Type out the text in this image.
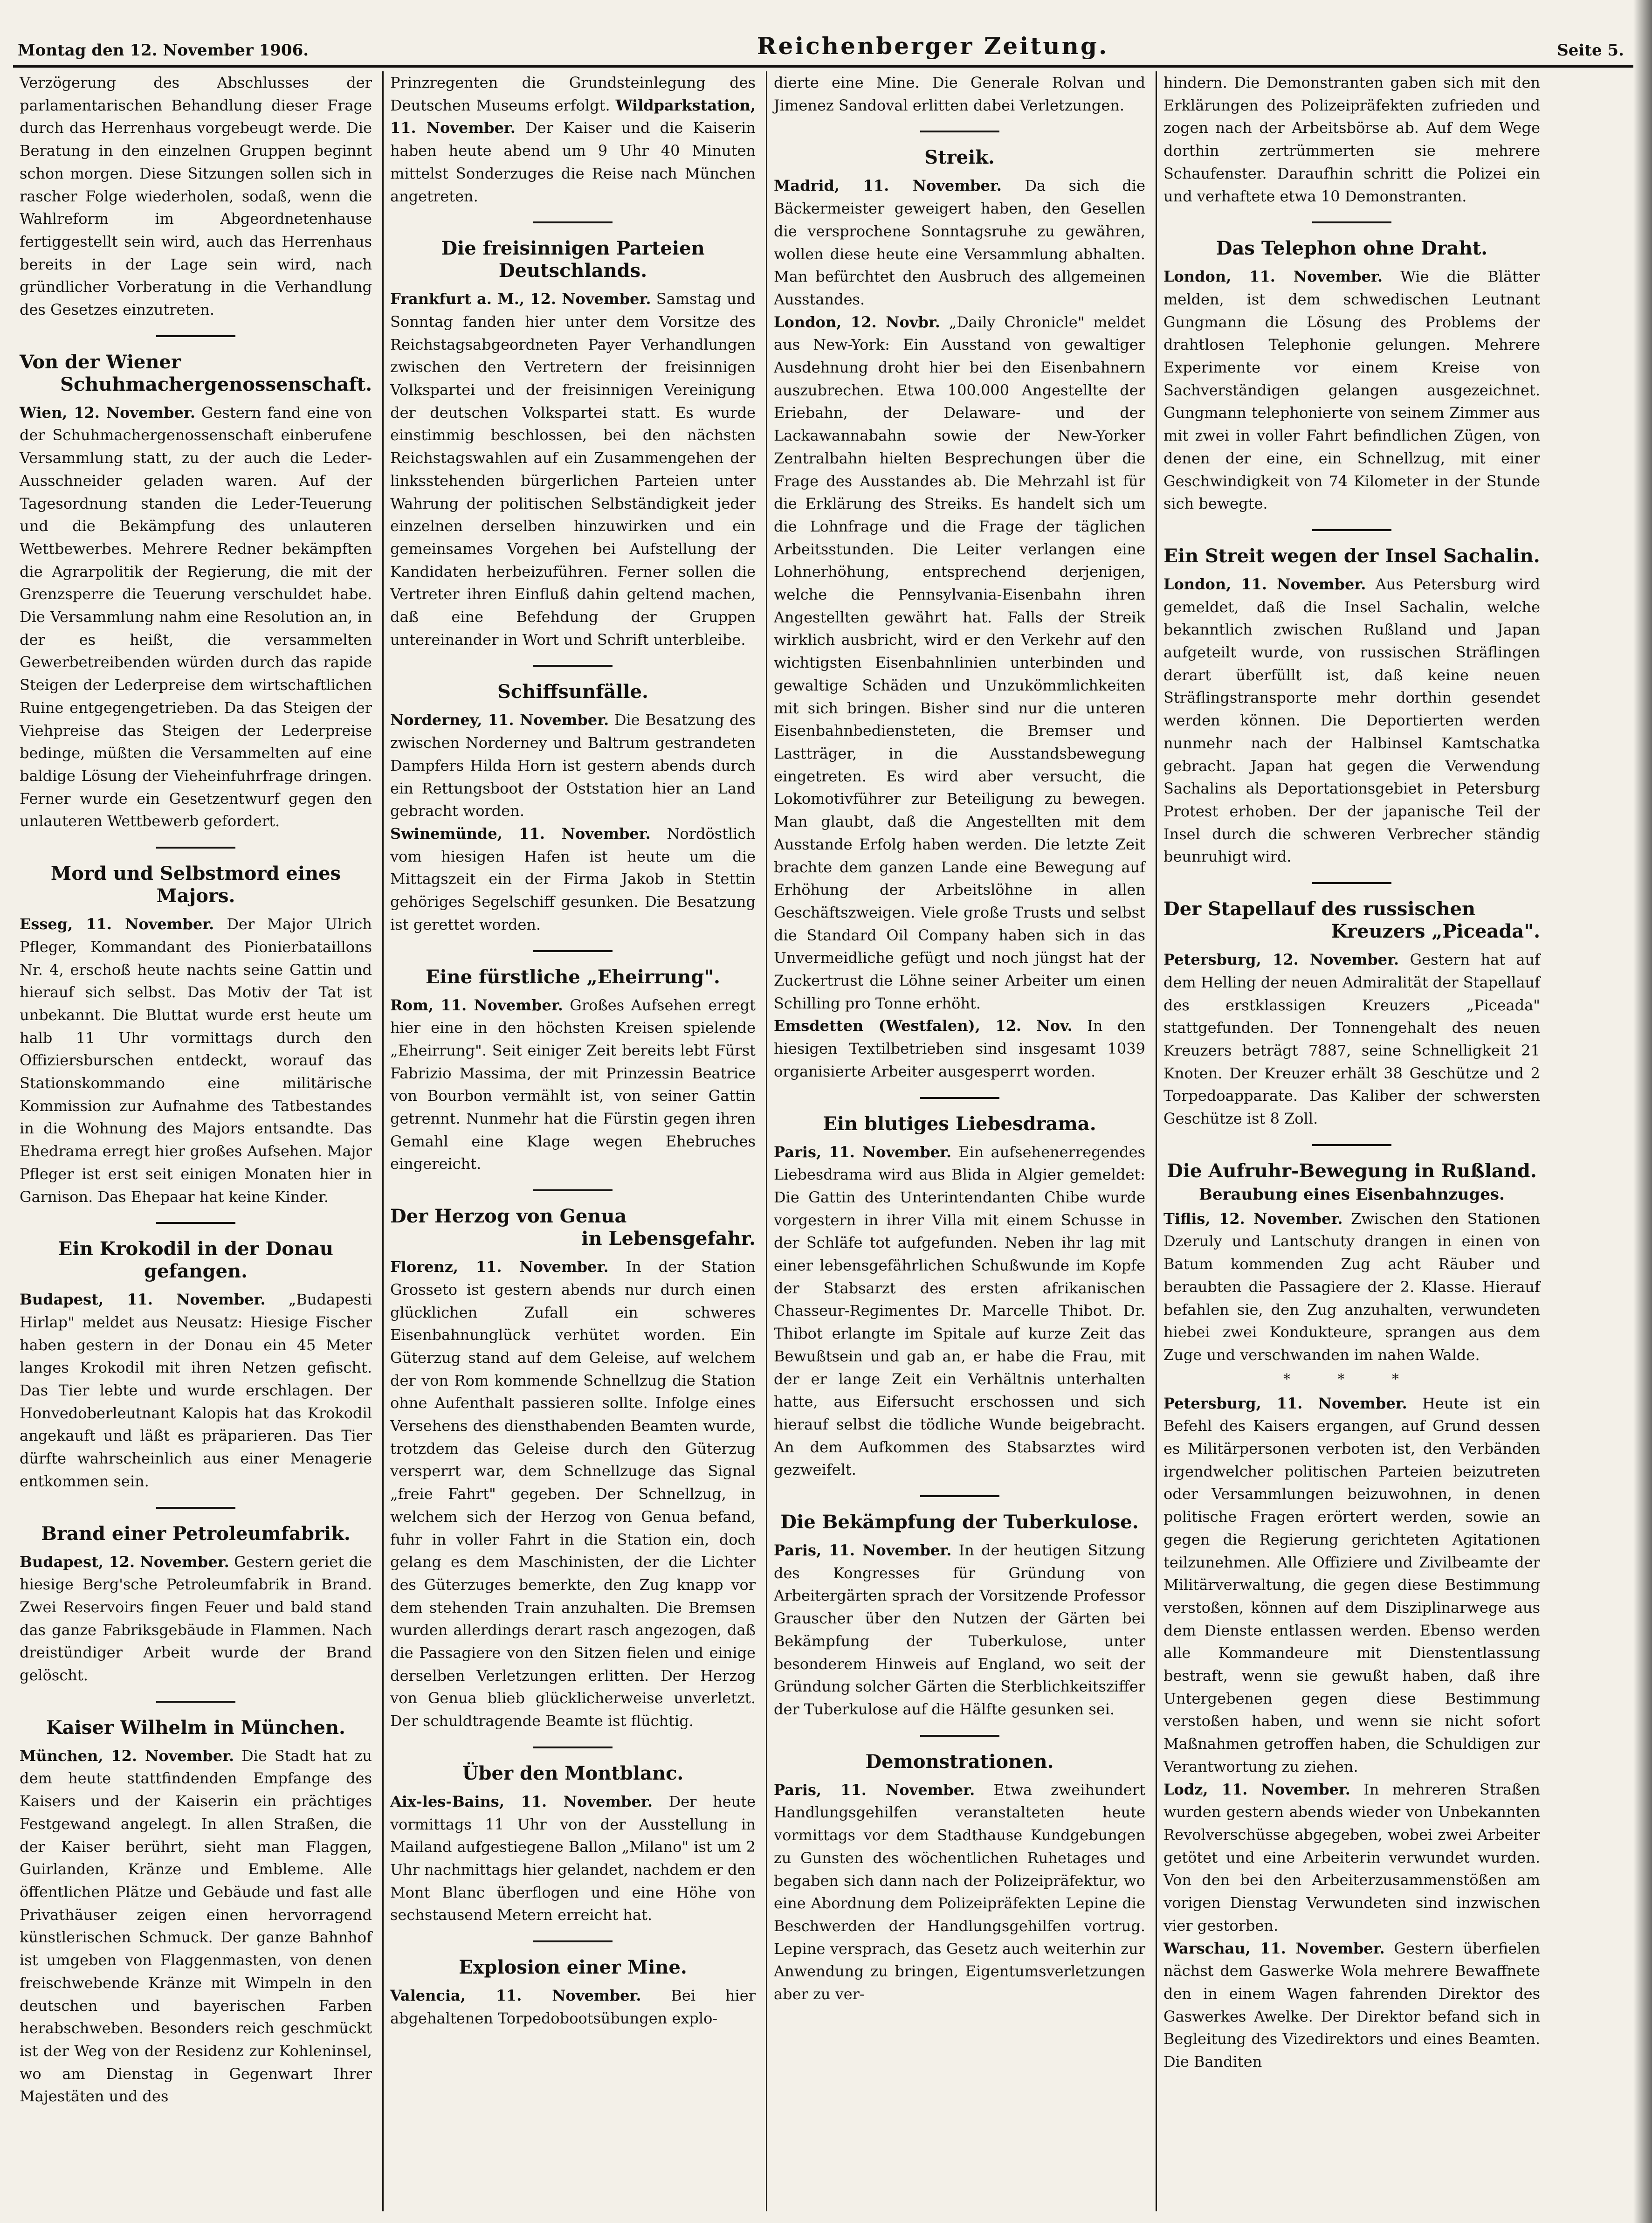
Montag den 12. November 1906.	Reichenberger Zeitung.	Seite 5.

Verzögerung des Abschlusses der parlamentarischen Behandlung dieser Frage durch das Herrenhaus vorgebeugt werde. Die Beratung in den einzelnen Gruppen beginnt schon morgen. Diese Sitzungen sollen sich in rascher Folge wiederholen, sodaß, wenn die Wahlreform im Abgeordnetenhause fertiggestellt sein wird, auch das Herrenhaus bereits in der Lage sein wird, nach gründlicher Vorberatung in die Verhandlung des Gesetzes einzutreten.

Von der Wiener
Schuhmachergenossenschaft.

Wien, 12. November. Gestern fand eine von der Schuhmachergenossenschaft einberufene Versammlung statt, zu der auch die Leder-Ausschneider geladen waren. Auf der Tagesordnung standen die Leder-Teuerung und die Bekämpfung des unlauteren Wettbewerbes. Mehrere Redner bekämpften die Agrarpolitik der Regierung, die mit der Grenzsperre die Teuerung verschuldet habe. Die Versammlung nahm eine Resolution an, in der es heißt, die versammelten Gewerbetreibenden würden durch das rapide Steigen der Lederpreise dem wirtschaftlichen Ruine entgegengetrieben. Da das Steigen der Viehpreise das Steigen der Lederpreise bedinge, müßten die Versammelten auf eine baldige Lösung der Vieheinfuhrfrage dringen. Ferner wurde ein Gesetzentwurf gegen den unlauteren Wettbewerb gefordert.

Mord und Selbstmord eines Majors.

Esseg, 11. November. Der Major Ulrich Pfleger, Kommandant des Pionierbataillons Nr. 4, erschoß heute nachts seine Gattin und hierauf sich selbst. Das Motiv der Tat ist unbekannt. Die Bluttat wurde erst heute um halb 11 Uhr vormittags durch den Offiziersburschen entdeckt, worauf das Stationskommando eine militärische Kommission zur Aufnahme des Tatbestandes in die Wohnung des Majors entsandte. Das Ehedrama erregt hier großes Aufsehen. Major Pfleger ist erst seit einigen Monaten hier in Garnison. Das Ehepaar hat keine Kinder.

Ein Krokodil in der Donau gefangen.

Budapest, 11. November. „Budapesti Hirlap" meldet aus Neusatz: Hiesige Fischer haben gestern in der Donau ein 45 Meter langes Krokodil mit ihren Netzen gefischt. Das Tier lebte und wurde erschlagen. Der Honvedoberleutnant Kalopis hat das Krokodil angekauft und läßt es präparieren. Das Tier dürfte wahrscheinlich aus einer Menagerie entkommen sein.

Brand einer Petroleumfabrik.

Budapest, 12. November. Gestern geriet die hiesige Berg'sche Petroleumfabrik in Brand. Zwei Reservoirs fingen Feuer und bald stand das ganze Fabriksgebäude in Flammen. Nach dreistündiger Arbeit wurde der Brand gelöscht.

Kaiser Wilhelm in München.

München, 12. November. Die Stadt hat zu dem heute stattfindenden Empfange des Kaisers und der Kaiserin ein prächtiges Festgewand angelegt. In allen Straßen, die der Kaiser berührt, sieht man Flaggen, Guirlanden, Kränze und Embleme. Alle öffentlichen Plätze und Gebäude und fast alle Privathäuser zeigen einen hervorragend künstlerischen Schmuck. Der ganze Bahnhof ist umgeben von Flaggenmasten, von denen freischwebende Kränze mit Wimpeln in den deutschen und bayerischen Farben herabschweben. Besonders reich geschmückt ist der Weg von der Residenz zur Kohleninsel, wo am Dienstag in Gegenwart Ihrer Majestäten und des

Prinzregenten die Grundsteinlegung des Deutschen Museums erfolgt. Wildparkstation, 11. November. Der Kaiser und die Kaiserin haben heute abend um 9 Uhr 40 Minuten mittelst Sonderzuges die Reise nach München angetreten.

Die freisinnigen Parteien Deutschlands.

Frankfurt a. M., 12. November. Samstag und Sonntag fanden hier unter dem Vorsitze des Reichstagsabgeordneten Payer Verhandlungen zwischen den Vertretern der freisinnigen Volkspartei und der freisinnigen Vereinigung der deutschen Volkspartei statt. Es wurde einstimmig beschlossen, bei den nächsten Reichstagswahlen auf ein Zusammengehen der linksstehenden bürgerlichen Parteien unter Wahrung der politischen Selbständigkeit jeder einzelnen derselben hinzuwirken und ein gemeinsames Vorgehen bei Aufstellung der Kandidaten herbeizuführen. Ferner sollen die Vertreter ihren Einfluß dahin geltend machen, daß eine Befehdung der Gruppen untereinander in Wort und Schrift unterbleibe.

Schiffsunfälle.

Norderney, 11. November. Die Besatzung des zwischen Norderney und Baltrum gestrandeten Dampfers Hilda Horn ist gestern abends durch ein Rettungsboot der Oststation hier an Land gebracht worden.

Swinemünde, 11. November. Nordöstlich vom hiesigen Hafen ist heute um die Mittagszeit ein der Firma Jakob in Stettin gehöriges Segelschiff gesunken. Die Besatzung ist gerettet worden.

Eine fürstliche „Eheirrung".

Rom, 11. November. Großes Aufsehen erregt hier eine in den höchsten Kreisen spielende „Eheirrung". Seit einiger Zeit bereits lebt Fürst Fabrizio Massima, der mit Prinzessin Beatrice von Bourbon vermählt ist, von seiner Gattin getrennt. Nunmehr hat die Fürstin gegen ihren Gemahl eine Klage wegen Ehebruches eingereicht.

Der Herzog von Genua
in Lebensgefahr.

Florenz, 11. November. In der Station Grosseto ist gestern abends nur durch einen glücklichen Zufall ein schweres Eisenbahnunglück verhütet worden. Ein Güterzug stand auf dem Geleise, auf welchem der von Rom kommende Schnellzug die Station ohne Aufenthalt passieren sollte. Infolge eines Versehens des diensthabenden Beamten wurde, trotzdem das Geleise durch den Güterzug versperrt war, dem Schnellzuge das Signal „freie Fahrt" gegeben. Der Schnellzug, in welchem sich der Herzog von Genua befand, fuhr in voller Fahrt in die Station ein, doch gelang es dem Maschinisten, der die Lichter des Güterzuges bemerkte, den Zug knapp vor dem stehenden Train anzuhalten. Die Bremsen wurden allerdings derart rasch angezogen, daß die Passagiere von den Sitzen fielen und einige derselben Verletzungen erlitten. Der Herzog von Genua blieb glücklicherweise unverletzt. Der schuldtragende Beamte ist flüchtig.

Über den Montblanc.

Aix-les-Bains, 11. November. Der heute vormittags 11 Uhr von der Ausstellung in Mailand aufgestiegene Ballon „Milano" ist um 2 Uhr nachmittags hier gelandet, nachdem er den Mont Blanc überflogen und eine Höhe von sechstausend Metern erreicht hat.

Explosion einer Mine.

Valencia, 11. November. Bei hier abgehaltenen Torpedobootsübungen explo-

dierte eine Mine. Die Generale Rolvan und Jimenez Sandoval erlitten dabei Verletzungen.

Streik.

Madrid, 11. November. Da sich die Bäckermeister geweigert haben, den Gesellen die versprochene Sonntagsruhe zu gewähren, wollen diese heute eine Versammlung abhalten. Man befürchtet den Ausbruch des allgemeinen Ausstandes.

London, 12. Novbr. „Daily Chronicle" meldet aus New-York: Ein Ausstand von gewaltiger Ausdehnung droht hier bei den Eisenbahnern auszubrechen. Etwa 100.000 Angestellte der Eriebahn, der Delaware- und der Lackawannabahn sowie der New-Yorker Zentralbahn hielten Besprechungen über die Frage des Ausstandes ab. Die Mehrzahl ist für die Erklärung des Streiks. Es handelt sich um die Lohnfrage und die Frage der täglichen Arbeitsstunden. Die Leiter verlangen eine Lohnerhöhung, entsprechend derjenigen, welche die Pennsylvania-Eisenbahn ihren Angestellten gewährt hat. Falls der Streik wirklich ausbricht, wird er den Verkehr auf den wichtigsten Eisenbahnlinien unterbinden und gewaltige Schäden und Unzukömmlichkeiten mit sich bringen. Bisher sind nur die unteren Eisenbahnbediensteten, die Bremser und Lastträger, in die Ausstandsbewegung eingetreten. Es wird aber versucht, die Lokomotivführer zur Beteiligung zu bewegen. Man glaubt, daß die Angestellten mit dem Ausstande Erfolg haben werden. Die letzte Zeit brachte dem ganzen Lande eine Bewegung auf Erhöhung der Arbeitslöhne in allen Geschäftszweigen. Viele große Trusts und selbst die Standard Oil Company haben sich in das Unvermeidliche gefügt und noch jüngst hat der Zuckertrust die Löhne seiner Arbeiter um einen Schilling pro Tonne erhöht.

Emsdetten (Westfalen), 12. Nov. In den hiesigen Textilbetrieben sind insgesamt 1039 organisierte Arbeiter ausgesperrt worden.

Ein blutiges Liebesdrama.

Paris, 11. November. Ein aufsehenerregendes Liebesdrama wird aus Blida in Algier gemeldet: Die Gattin des Unterintendanten Chibe wurde vorgestern in ihrer Villa mit einem Schusse in der Schläfe tot aufgefunden. Neben ihr lag mit einer lebensgefährlichen Schußwunde im Kopfe der Stabsarzt des ersten afrikanischen Chasseur-Regimentes Dr. Marcelle Thibot. Dr. Thibot erlangte im Spitale auf kurze Zeit das Bewußtsein und gab an, er habe die Frau, mit der er lange Zeit ein Verhältnis unterhalten hatte, aus Eifersucht erschossen und sich hierauf selbst die tödliche Wunde beigebracht. An dem Aufkommen des Stabsarztes wird gezweifelt.

Die Bekämpfung der Tuberkulose.

Paris, 11. November. In der heutigen Sitzung des Kongresses für Gründung von Arbeitergärten sprach der Vorsitzende Professor Grauscher über den Nutzen der Gärten bei Bekämpfung der Tuberkulose, unter besonderem Hinweis auf England, wo seit der Gründung solcher Gärten die Sterblichkeitsziffer der Tuberkulose auf die Hälfte gesunken sei.

Demonstrationen.

Paris, 11. November. Etwa zweihundert Handlungsgehilfen veranstalteten heute vormittags vor dem Stadthause Kundgebungen zu Gunsten des wöchentlichen Ruhetages und begaben sich dann nach der Polizeipräfektur, wo eine Abordnung dem Polizeipräfekten Lepine die Beschwerden der Handlungsgehilfen vortrug. Lepine versprach, das Gesetz auch weiterhin zur Anwendung zu bringen, Eigentumsverletzungen aber zu ver-

hindern. Die Demonstranten gaben sich mit den Erklärungen des Polizeipräfekten zufrieden und zogen nach der Arbeitsbörse ab. Auf dem Wege dorthin zertrümmerten sie mehrere Schaufenster. Daraufhin schritt die Polizei ein und verhaftete etwa 10 Demonstranten.

Das Telephon ohne Draht.

London, 11. November. Wie die Blätter melden, ist dem schwedischen Leutnant Gungmann die Lösung des Problems der drahtlosen Telephonie gelungen. Mehrere Experimente vor einem Kreise von Sachverständigen gelangen ausgezeichnet. Gungmann telephonierte von seinem Zimmer aus mit zwei in voller Fahrt befindlichen Zügen, von denen der eine, ein Schnellzug, mit einer Geschwindigkeit von 74 Kilometer in der Stunde sich bewegte.

Ein Streit wegen der Insel Sachalin.

London, 11. November. Aus Petersburg wird gemeldet, daß die Insel Sachalin, welche bekanntlich zwischen Rußland und Japan aufgeteilt wurde, von russischen Sträflingen derart überfüllt ist, daß keine neuen Sträflingstransporte mehr dorthin gesendet werden können. Die Deportierten werden nunmehr nach der Halbinsel Kamtschatka gebracht. Japan hat gegen die Verwendung Sachalins als Deportationsgebiet in Petersburg Protest erhoben. Der der japanische Teil der Insel durch die schweren Verbrecher ständig beunruhigt wird.

Der Stapellauf des russischen
Kreuzers „Piceada".

Petersburg, 12. November. Gestern hat auf dem Helling der neuen Admiralität der Stapellauf des erstklassigen Kreuzers „Piceada" stattgefunden. Der Tonnengehalt des neuen Kreuzers beträgt 7887, seine Schnelligkeit 21 Knoten. Der Kreuzer erhält 38 Geschütze und 2 Torpedoapparate. Das Kaliber der schwersten Geschütze ist 8 Zoll.

Die Aufruhr-Bewegung in Rußland.
Beraubung eines Eisenbahnzuges.

Tiflis, 12. November. Zwischen den Stationen Dzeruly und Lantschuty drangen in einen von Batum kommenden Zug acht Räuber und beraubten die Passagiere der 2. Klasse. Hierauf befahlen sie, den Zug anzuhalten, verwundeten hiebei zwei Kondukteure, sprangen aus dem Zuge und verschwanden im nahen Walde.

* * *

Petersburg, 11. November. Heute ist ein Befehl des Kaisers ergangen, auf Grund dessen es Militärpersonen verboten ist, den Verbänden irgendwelcher politischen Parteien beizutreten oder Versammlungen beizuwohnen, in denen politische Fragen erörtert werden, sowie an gegen die Regierung gerichteten Agitationen teilzunehmen. Alle Offiziere und Zivilbeamte der Militärverwaltung, die gegen diese Bestimmung verstoßen, können auf dem Disziplinarwege aus dem Dienste entlassen werden. Ebenso werden alle Kommandeure mit Dienstentlassung bestraft, wenn sie gewußt haben, daß ihre Untergebenen gegen diese Bestimmung verstoßen haben, und wenn sie nicht sofort Maßnahmen getroffen haben, die Schuldigen zur Verantwortung zu ziehen.

Lodz, 11. November. In mehreren Straßen wurden gestern abends wieder von Unbekannten Revolverschüsse abgegeben, wobei zwei Arbeiter getötet und eine Arbeiterin verwundet wurden. Von den bei den Arbeiterzusammenstößen am vorigen Dienstag Verwundeten sind inzwischen vier gestorben.

Warschau, 11. November. Gestern überfielen nächst dem Gaswerke Wola mehrere Bewaffnete den in einem Wagen fahrenden Direktor des Gaswerkes Awelke. Der Direktor befand sich in Begleitung des Vizedirektors und eines Beamten. Die Banditen
